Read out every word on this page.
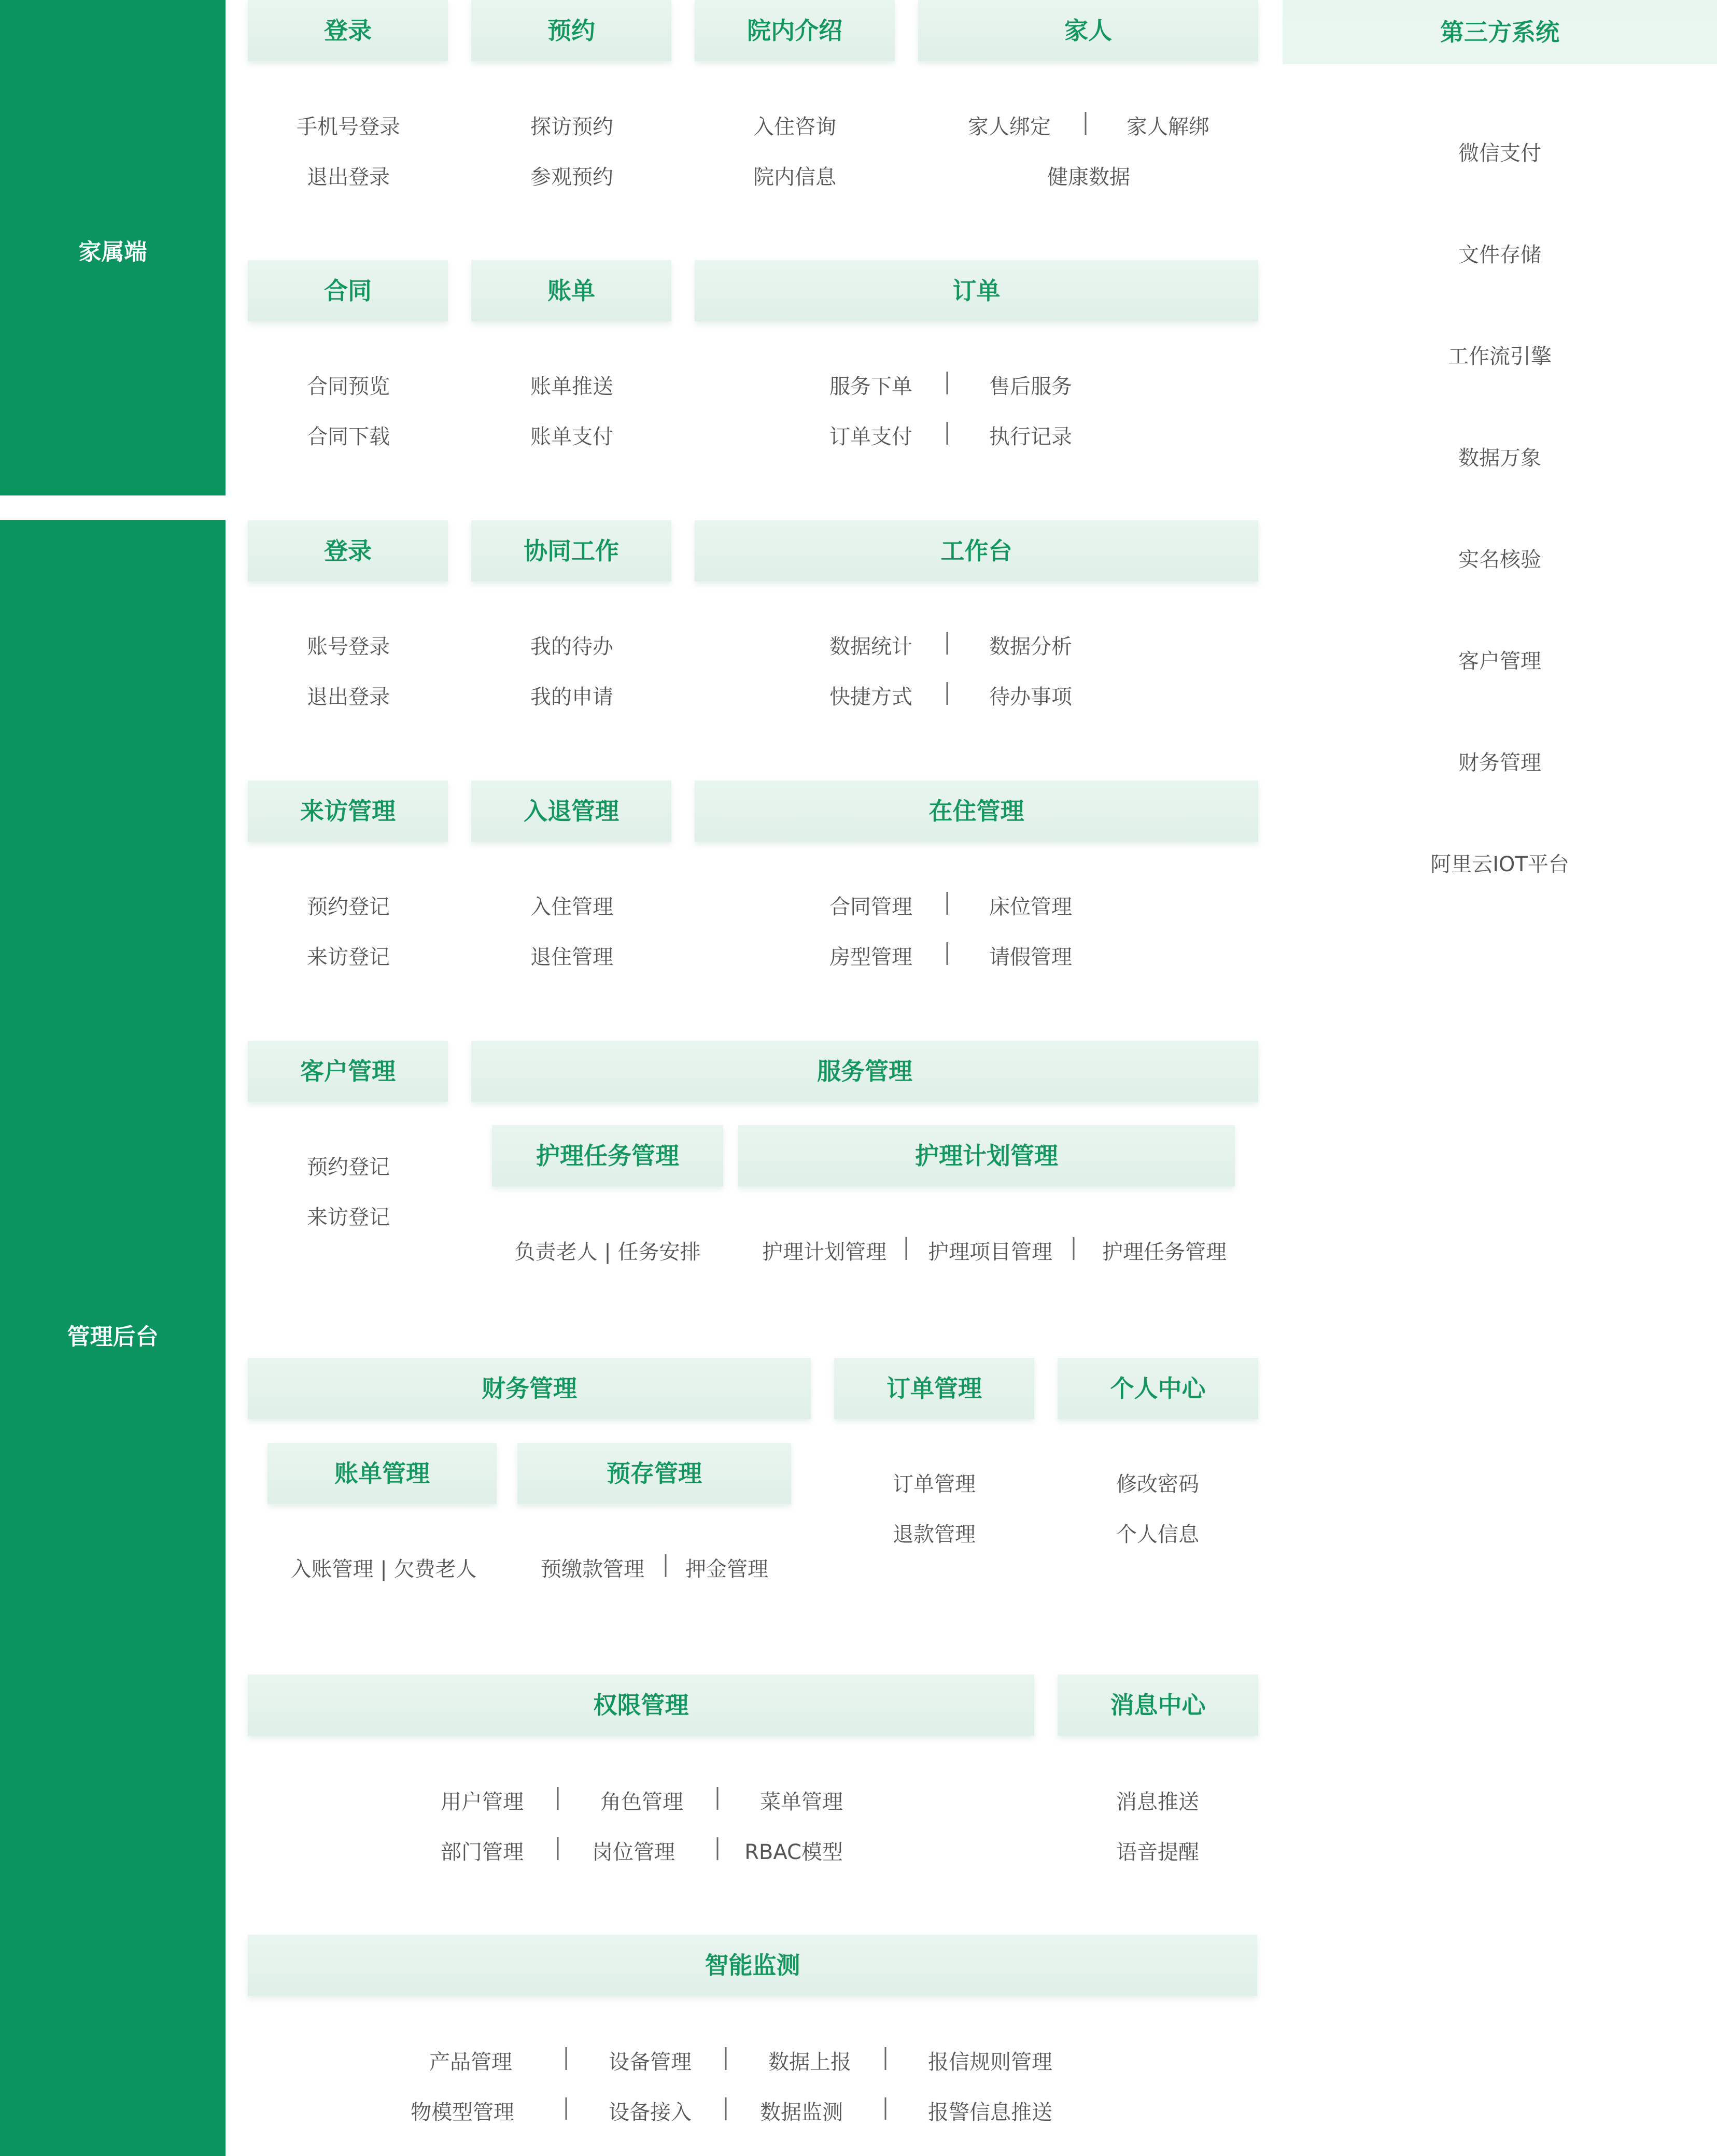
家属端
管理后台
登录	预约	院内介绍	家人
手机号登录
退出登录
探访预约
参观预约
入住咨询
院内信息
家人绑定	家人解绑
健康数据
合同	账单	订单
合同预览
合同下载
账单推送
账单支付
服务下单	售后服务
订单支付	执行记录
登录	协同工作	工作台
账号登录
退出登录
我的待办
我的申请
数据统计	数据分析
快捷方式	待办事项
来访管理	入退管理	在住管理
预约登记
来访登记
入住管理
退住管理
合同管理	床位管理
房型管理	请假管理
客户管理	服务管理
预约登记
来访登记
护理任务管理	护理计划管理
负责老人 | 任务安排	护理计划管理 护理项目管理 护理任务管理
财务管理	订单管理	个人中心
账单管理	预存管理
入账管理 | 欠费老人	预缴款管理 押金管理
订单管理
退款管理
修改密码
个人信息
权限管理	消息中心
用户管理	角色管理	菜单管理
部门管理	岗位管理	RBAC模型
消息推送
语音提醒
智能监测
产品管理	设备管理	数据上报	报信规则管理
物模型管理	设备接入	数据监测	报警信息推送
第三方系统
微信支付
文件存储
工作流引擎
数据万象
实名核验
客户管理
财务管理
阿里云IOT平台
